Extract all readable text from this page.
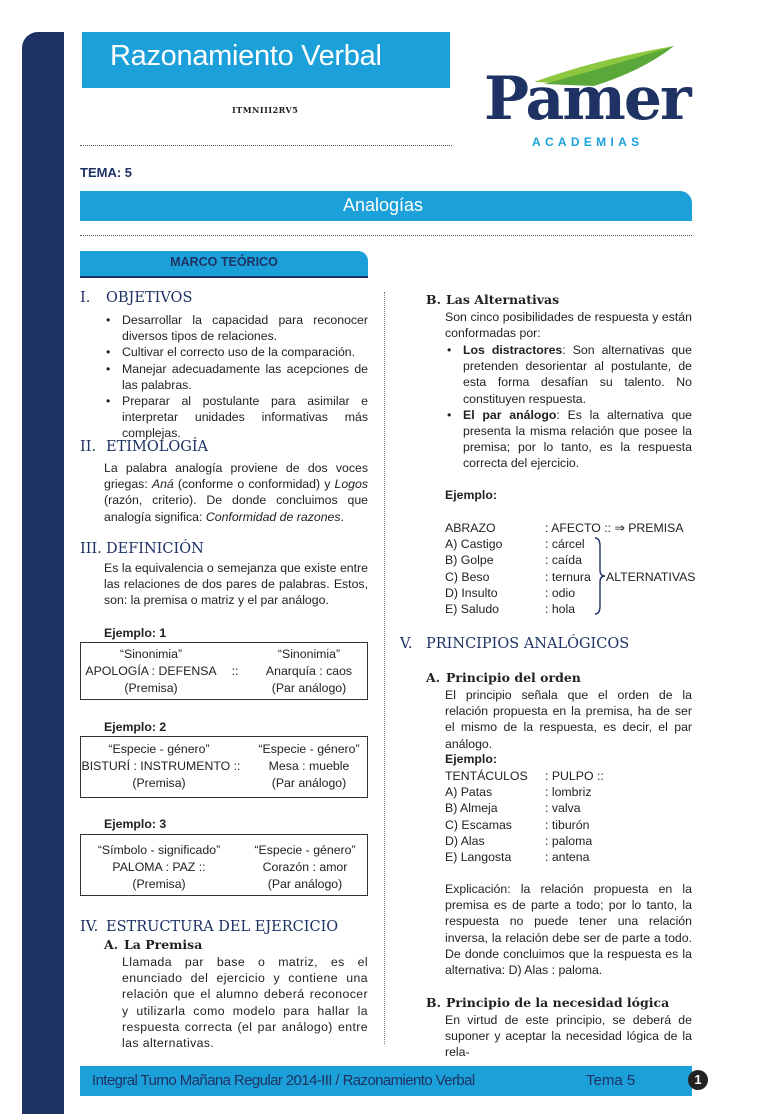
Razonamiento Verbal
ITMNIII2RV5	Pamer
ACADEMIAS
TEMA: 5
Analogías
MARCO TEÓRICO
I. OBJETIVOS
• Desarrollar la capacidad para reconocer diversos tipos de relaciones.
• Cultivar el correcto uso de la comparación.
• Manejar adecuadamente las acepciones de las palabras.
• Preparar al postulante para asimilar e interpretar unidades informativas más complejas.
II. ETIMOLOGÍA
La palabra analogía proviene de dos voces griegas: Aná (conforme o conformidad) y Logos (razón, criterio). De donde concluimos que analogía significa: Conformidad de razones.
III. DEFINICIÓN
Es la equivalencia o semejanza que existe entre las relaciones de dos pares de palabras. Estos, son: la premisa o matriz y el par análogo.
Ejemplo: 1
“Sinonimia”	“Sinonimia”
APOLOGÍA : DEFENSA	::	Anarquía : caos
(Premisa)	(Par análogo)
Ejemplo: 2
“Especie - género”	“Especie - género”
BISTURÍ : INSTRUMENTO ::	Mesa : mueble
(Premisa)	(Par análogo)
Ejemplo: 3
“Símbolo - significado”	“Especie - género”
PALOMA : PAZ ::	Corazón : amor
(Premisa)	(Par análogo)
IV. ESTRUCTURA DEL EJERCICIO
A. La Premisa
Llamada par base o matriz, es el enunciado del ejercicio y contiene una relación que el alumno deberá reconocer y utilizarla como modelo para hallar la respuesta correcta (el par análogo) entre las alternativas.
B. Las Alternativas
Son cinco posibilidades de respuesta y están conformadas por:
• Los distractores: Son alternativas que pretenden desorientar al postulante, de esta forma desafían su talento. No constituyen respuesta.
• El par análogo: Es la alternativa que presenta la misma relación que posee la premisa; por lo tanto, es la respuesta correcta del ejercicio.
Ejemplo:
ABRAZO	: AFECTO :: ⇒ PREMISA
A) Castigo	: cárcel
B) Golpe	: caída
C) Beso	: ternura ALTERNATIVAS
D) Insulto	: odio
E) Saludo	: hola
V. PRINCIPIOS ANALÓGICOS
A. Principio del orden
El principio señala que el orden de la relación propuesta en la premisa, ha de ser el mismo de la respuesta, es decir, el par análogo.
Ejemplo:
TENTÁCULOS : PULPO ::
A) Patas	: lombriz
B) Almeja	: valva
C) Escamas	: tiburón
D) Alas	: paloma
E) Langosta	: antena
Explicación: la relación propuesta en la premisa es de parte a todo; por lo tanto, la respuesta no puede tener una relación inversa, la relación debe ser de parte a todo. De donde concluimos que la respuesta es la alternativa: D) Alas : paloma.
B. Principio de la necesidad lógica
En virtud de este principio, se deberá de suponer y aceptar la necesidad lógica de la rela-
Integral Turno Mañana Regular 2014-III / Razonamiento Verbal	Tema 5	1
